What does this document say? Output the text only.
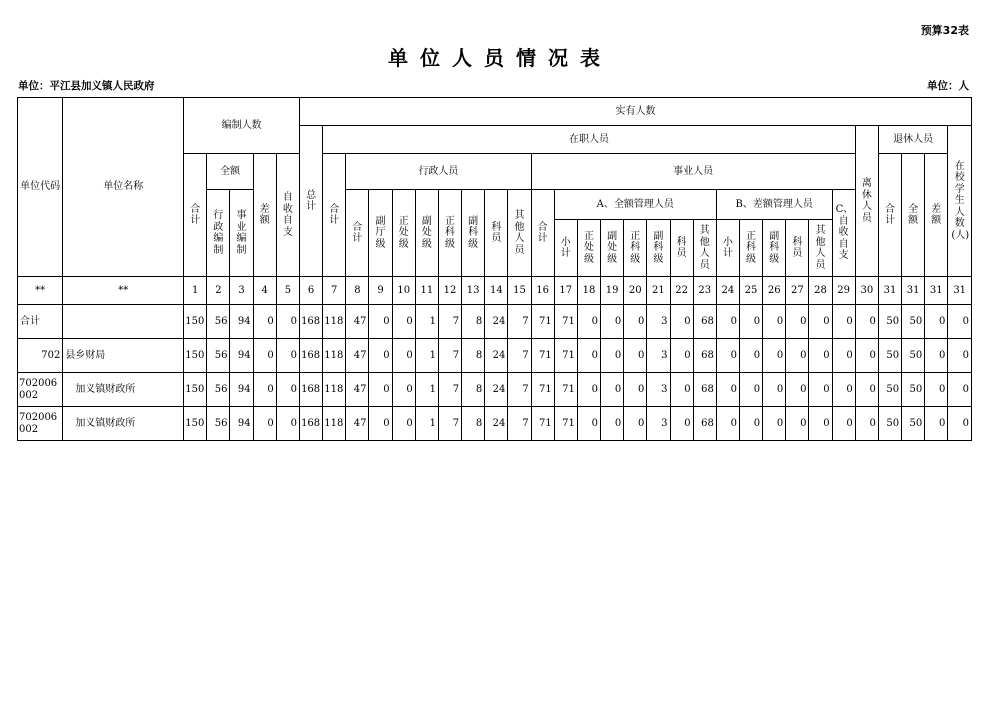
预算32表
单位人员情况表
单位：平江县加义镇人民政府	单位：人
单位代码	单位名称	编制人数					实有人数																												
							总计	在职人员																							离休人员	退休人员			在校学生人数(人)
		合计	全额		差额	自收自支		合计	行政人员								事业人员															合计	全额	差额	
			行政编制	事业编制					合计	副厅级	正处级	副处级	正科级	副科级	科员	其他人员	合计	A、全额管理人员							B、差额管理人员					C、自收自支					
																		小计	正处级	副处级	正科级	副科级	科员	其他人员	小计	正科级	副科级	科员	其他人员						
**	**	1	2	3	4	5	6	7	8	9	10	11	12	13	14	15	16	17	18	19	20	21	22	23	24	25	26	27	28	29	30	31	31	31	31
合计		150	56	94	0	0	168	118	47	0	0	1	7	8	24	7	71	71	0	0	0	3	0	68	0	0	0	0	0	0	0	50	50	0	0
702	县乡财局	150	56	94	0	0	168	118	47	0	0	1	7	8	24	7	71	71	0	0	0	3	0	68	0	0	0	0	0	0	0	50	50	0	0

702006002	加义镇财政所	150	56	94	0	0	168	118	47	0	0	1	7	8	24	7	71	71	0	0	0	3	0	68	0	0	0	0	0	0	0	50	50	0	0

702006002	加义镇财政所	150	56	94	0	0	168	118	47	0	0	1	7	8	24	7	71	71	0	0	0	3	0	68	0	0	0	0	0	0	0	50	50	0	0
